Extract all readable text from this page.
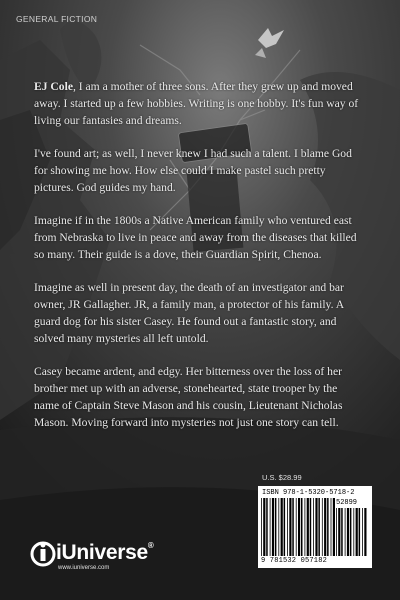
GENERAL FICTION

EJ Cole, I am a mother of three sons. After they grew up and moved away. I started up a few hobbies. Writing is one hobby. It's fun way of living our fantasies and dreams.

I've found art; as well, I never knew I had such a talent. I blame God for showing me how. How else could I make pastel such pretty pictures. God guides my hand.

Imagine if in the 1800s a Native American family who ventured east from Nebraska to live in peace and away from the diseases that killed so many. Their guide is a dove, their Guardian Spirit, Chenoa.

Imagine as well in present day, the death of an investigator and bar owner, JR Gallagher. JR, a family man, a protector of his family. A guard dog for his sister Casey. He found out a fantastic story, and solved many mysteries all left untold.

Casey became ardent, and edgy. Her bitterness over the loss of her brother met up with an adverse, stonehearted, state trooper by the name of Captain Steve Mason and his cousin, Lieutenant Nicholas Mason. Moving forward into mysteries not just one story can tell.

U.S. $28.99
ISBN 978-1-5320-5718-2
52899
9 781532 057182
iUniverse®
www.iuniverse.com
